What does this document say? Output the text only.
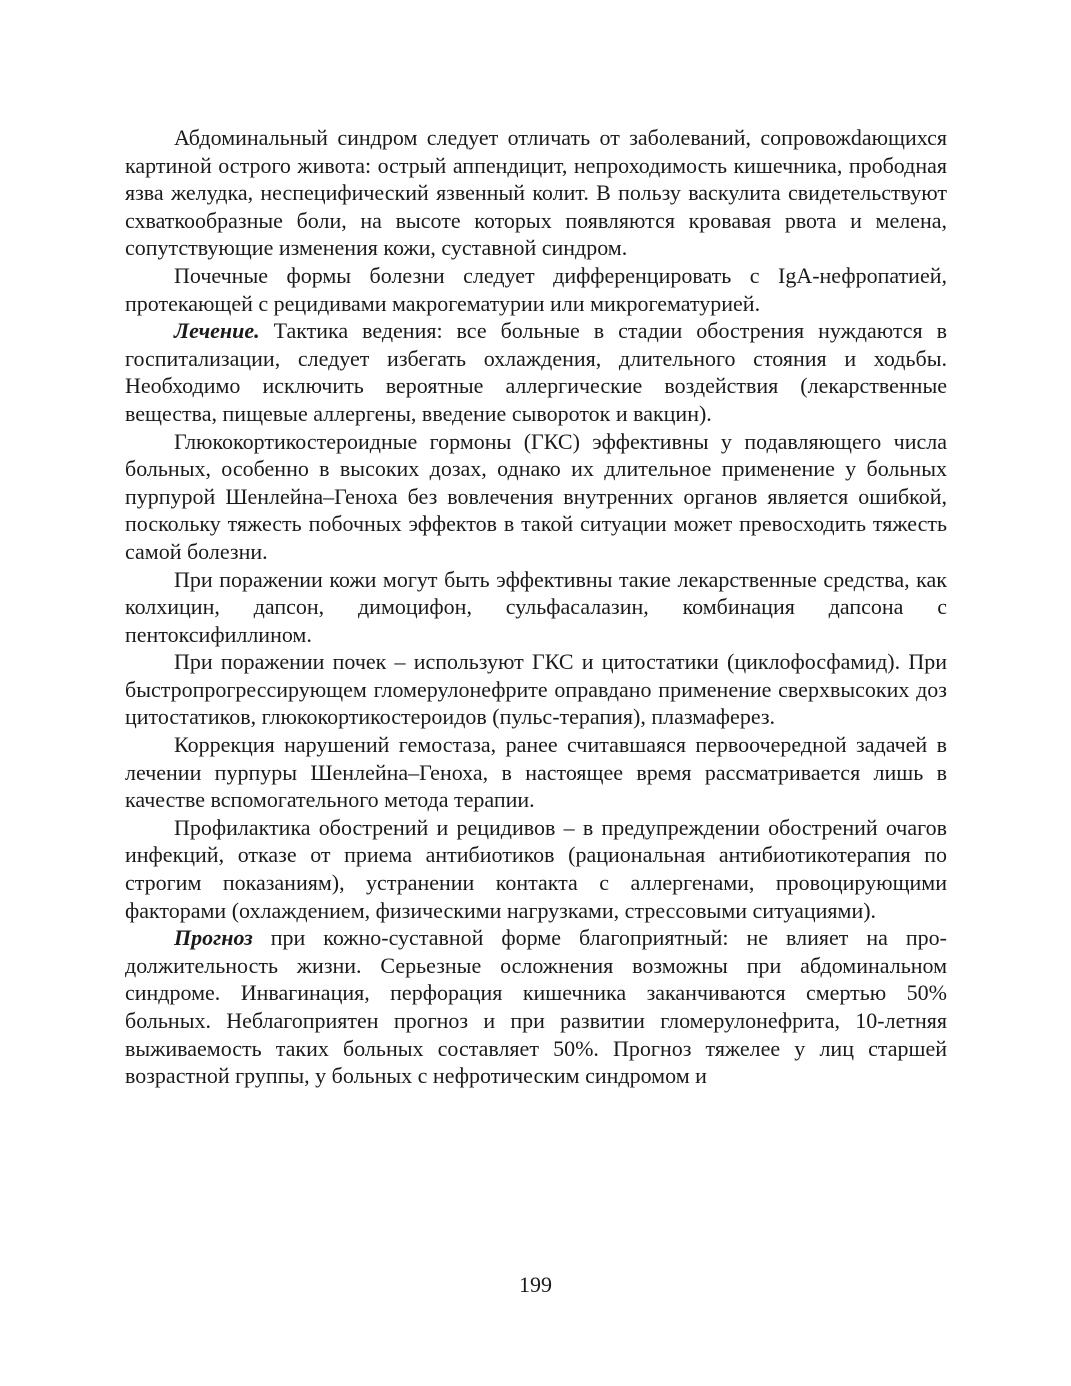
Абдоминальный синдром следует отличать от заболеваний, сопровожdающихся картиной острого живота: острый аппендицит, непроходимость кишечника, прободная язва желудка, неспецифический язвенный колит. В пользу васкулита свидетельствуют схваткообразные боли, на высоте которых появляются кровавая рвота и мелена, сопутствующие изменения кожи, суставной синдром.

Почечные формы болезни следует дифференцировать с IgA-нефропатией, протекающей с рецидивами макрогематурии или микрогематурией.

Лечение. Тактика ведения: все больные в стадии обострения нуждаются в госпитализации, следует избегать охлаждения, длительного стояния и ходьбы. Необходимо исключить вероятные аллергические воздействия (лекарственные вещества, пищевые аллергены, введение сывороток и вакцин).

Глюкокортикостероидные гормоны (ГКС) эффективны у подавляющего числа больных, особенно в высоких дозах, однако их длительное применение у больных пурпурой Шенлейна–Геноха без вовлечения внутренних органов является ошибкой, поскольку тяжесть побочных эффектов в такой ситуации может превосходить тяжесть самой болезни.

При поражении кожи могут быть эффективны такие лекарственные средства, как колхицин, дапсон, димоцифон, сульфасалазин, комбинация дапсона с пентоксифиллином.

При поражении почек – используют ГКС и цитостатики (циклофосфамид). При быстропрогрессирующем гломерулонефрите оправдано применение сверхвысоких доз цитостатиков, глюкокортикостероидов (пульс-терапия), плазмаферез.

Коррекция нарушений гемостаза, ранее считавшаяся первоочередной задачей в лечении пурпуры Шенлейна–Геноха, в настоящее время рассматривается лишь в качестве вспомогательного метода терапии.

Профилактика обострений и рецидивов – в предупреждении обострений очагов инфекций, отказе от приема антибиотиков (рациональная антибиотикотерапия по строгим показаниям), устранении контакта с аллергенами, провоцирующими факторами (охлаждением, физическими нагрузками, стрессовыми ситуациями).

Прогноз при кожно-суставной форме благоприятный: не влияет на продолжительность жизни. Серьезные осложнения возможны при абдоминальном синдроме. Инвагинация, перфорация кишечника заканчиваются смертью 50% больных. Неблагоприятен прогноз и при развитии гломерулонефрита, 10-летняя выживаемость таких больных составляет 50%. Прогноз тяжелее у лиц старшей возрастной группы, у больных с нефротическим синдромом и

199
